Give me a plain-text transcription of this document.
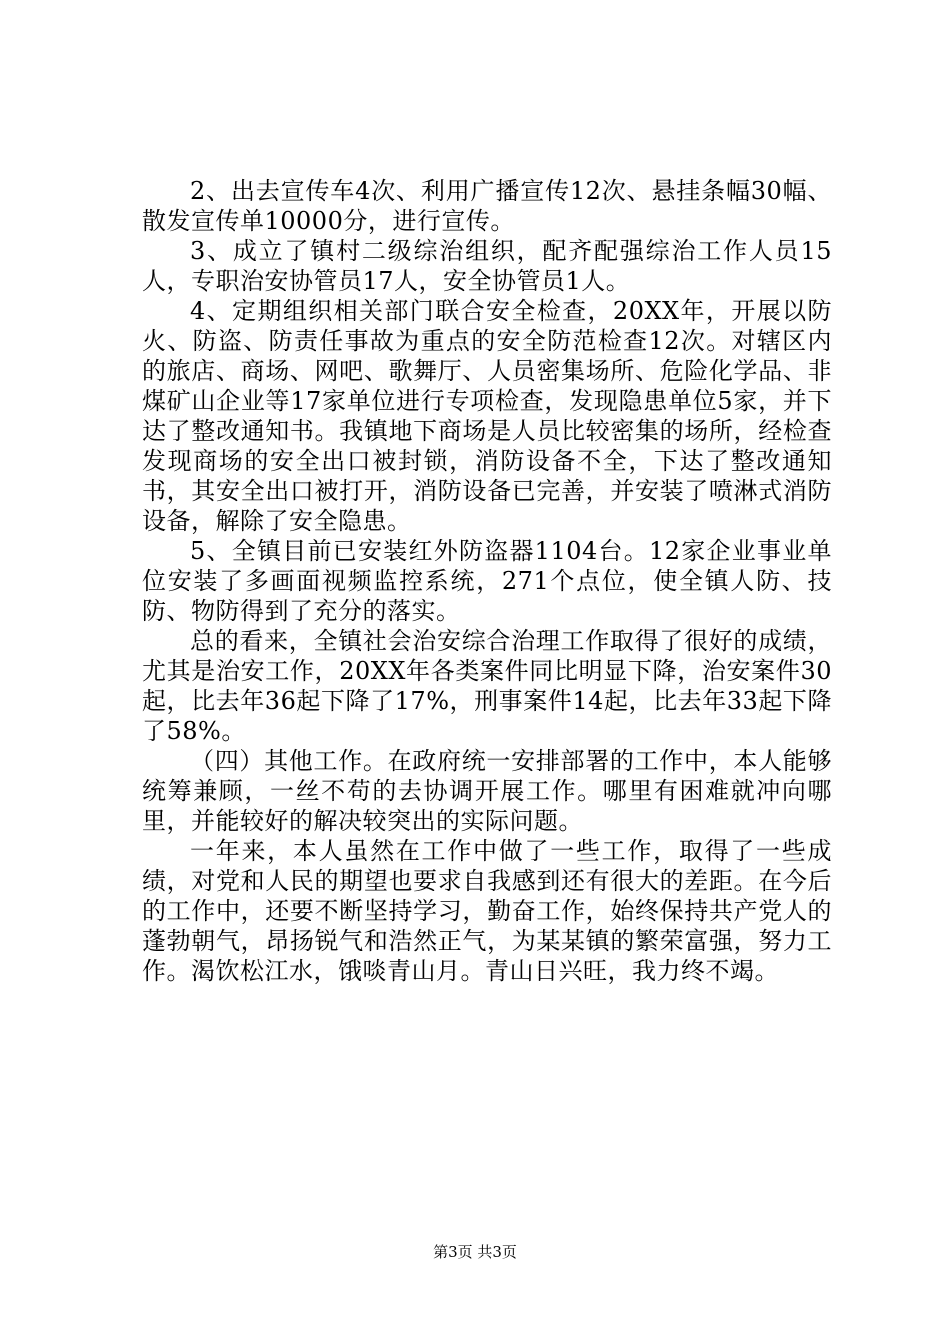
2、出去宣传车4次、利用广播宣传12次、悬挂条幅30幅、散发宣传单10000分，进行宣传。

3、成立了镇村二级综治组织，配齐配强综治工作人员15人，专职治安协管员17人，安全协管员1人。

4、定期组织相关部门联合安全检查，20XX年，开展以防火、防盗、防责任事故为重点的安全防范检查12次。对辖区内的旅店、商场、网吧、歌舞厅、人员密集场所、危险化学品、非煤矿山企业等17家单位进行专项检查，发现隐患单位5家，并下达了整改通知书。我镇地下商场是人员比较密集的场所，经检查发现商场的安全出口被封锁，消防设备不全，下达了整改通知书，其安全出口被打开，消防设备已完善，并安装了喷淋式消防设备，解除了安全隐患。

5、全镇目前已安装红外防盗器1104台。12家企业事业单位安装了多画面视频监控系统，271个点位，使全镇人防、技防、物防得到了充分的落实。

总的看来，全镇社会治安综合治理工作取得了很好的成绩，尤其是治安工作，20XX年各类案件同比明显下降，治安案件30起，比去年36起下降了17%，刑事案件14起，比去年33起下降了58%。

（四）其他工作。在政府统一安排部署的工作中，本人能够统筹兼顾，一丝不苟的去协调开展工作。哪里有困难就冲向哪里，并能较好的解决较突出的实际问题。

一年来，本人虽然在工作中做了一些工作，取得了一些成绩，对党和人民的期望也要求自我感到还有很大的差距。在今后的工作中，还要不断坚持学习，勤奋工作，始终保持共产党人的蓬勃朝气，昂扬锐气和浩然正气，为某某镇的繁荣富强，努力工作。渴饮松江水，饿啖青山月。青山日兴旺，我力终不竭。

第3页 共3页
